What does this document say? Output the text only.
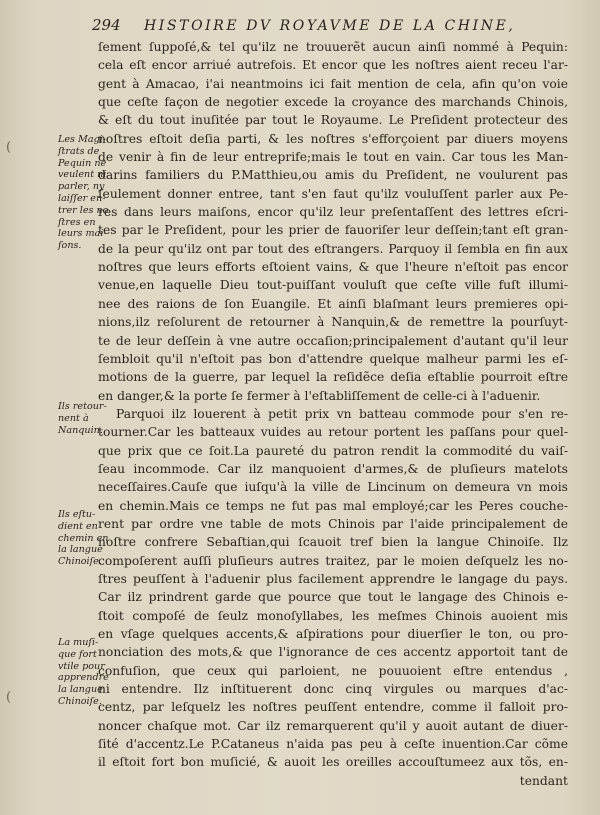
294	HISTOIRE DV ROYAVME DE LA CHINE,
ſement ſuppoſé,& tel qu'ilz ne trouuerẽt aucun ainſi nommé à Pequin:
cela eſt encor arriué autrefois. Et encor que les noſtres aient receu l'ar-
gent à Amacao, i'ai neantmoins ici fait mention de cela, afin qu'on voie
que ceſte façon de negotier excede la croyance des marchands Chinois,
& eſt du tout inuſitée par tout le Royaume. Le Preſident protecteur des
noſtres eſtoit deſia parti, & les noſtres s'efforçoient par diuers moyens
de venir à fin de leur entreprife;mais le tout en vain. Car tous les Man-
darins familiers du P.Matthieu,ou amis du Preſident, ne voulurent pas
ſeulement donner entree, tant s'en faut qu'ilz vouluſſent parler aux Pe-
res dans leurs maiſons, encor qu'ilz leur preſentaſſent des lettres eſcri-
tes par le Preſident, pour les prier de fauoriſer leur deſſein;tant eſt gran-
de la peur qu'ilz ont par tout des eſtrangers. Parquoy il ſembla en fin aux
noſtres que leurs efforts eſtoient vains, & que l'heure n'eſtoit pas encor
venue,en laquelle Dieu tout-puiſſant vouluſt que ceſte ville fuſt illumi-
nee des raions de ſon Euangile. Et ainſi blaſmant leurs premieres opi-
nions,ilz reſolurent de retourner à Nanquin,& de remettre la pourſuyt-
te de leur deſſein à vne autre occaſion;principalement d'autant qu'il leur
ſembloit qu'il n'eſtoit pas bon d'attendre quelque malheur parmi les eſ-
motions de la guerre, par lequel la reſidẽce deſia eſtablie pourroit eſtre
en danger,& la porte ſe fermer à l'eſtabliſſement de celle-ci à l'aduenir.
Parquoi ilz louerent à petit prix vn batteau commode pour s'en re-
tourner.Car les batteaux vuides au retour portent les paſſans pour quel-
que prix que ce ſoit.La paureté du patron rendit la commodité du vaiſ-
ſeau incommode. Car ilz manquoient d'armes,& de pluſieurs matelots
neceſſaires.Cauſe que iuſqu'à la ville de Lincinum on demeura vn mois
en chemin.Mais ce temps ne fut pas mal employé;car les Peres couche-
rent par ordre vne table de mots Chinois par l'aide principalement de
noſtre confrere Sebaſtian,qui ſcauoit tref bien la langue Chinoiſe. Ilz
compoſerent auſſi pluſieurs autres traitez, par le moien deſquelz les no-
ſtres peuſſent à l'aduenir plus facilement apprendre le langage du pays.
Car ilz prindrent garde que pource que tout le langage des Chinois e-
ſtoit compoſé de ſeulz monoſyllabes, les meſmes Chinois auoient mis
en vſage quelques accents,& aſpirations pour diuerſier le ton, ou pro-
nonciation des mots,& que l'ignorance de ces accentz apportoit tant de
confuſion, que ceux qui parloient, ne pouuoient eſtre entendus ,
ni entendre. Ilz inſtituerent donc cinq virgules ou marques d'ac-
centz, par leſquelz les noſtres peuſſent entendre, comme il falloit pro-
noncer chaſque mot. Car ilz remarquerent qu'il y auoit autant de diuer-
ſité d'accentz.Le P.Cataneus n'aida pas peu à ceſte inuention.Car cõme
il eſtoit fort bon muſicié, & auoit les oreilles accouſtumeez aux tõs, en-
tendant
Les Magi-
ſtrats de
Pequin ne
veulent ni
parler, ny
laiſſer en-
trer les no
ſtres en
leurs mai-
ſons.
Ils retour-
nent à
Nanquin.
Ils eſtu-
dient en
chemin en
la langue
Chinoiſe.
La muſi-
que fort
vtile pour
apprendre
la langue
Chinoiſe.
(
(
